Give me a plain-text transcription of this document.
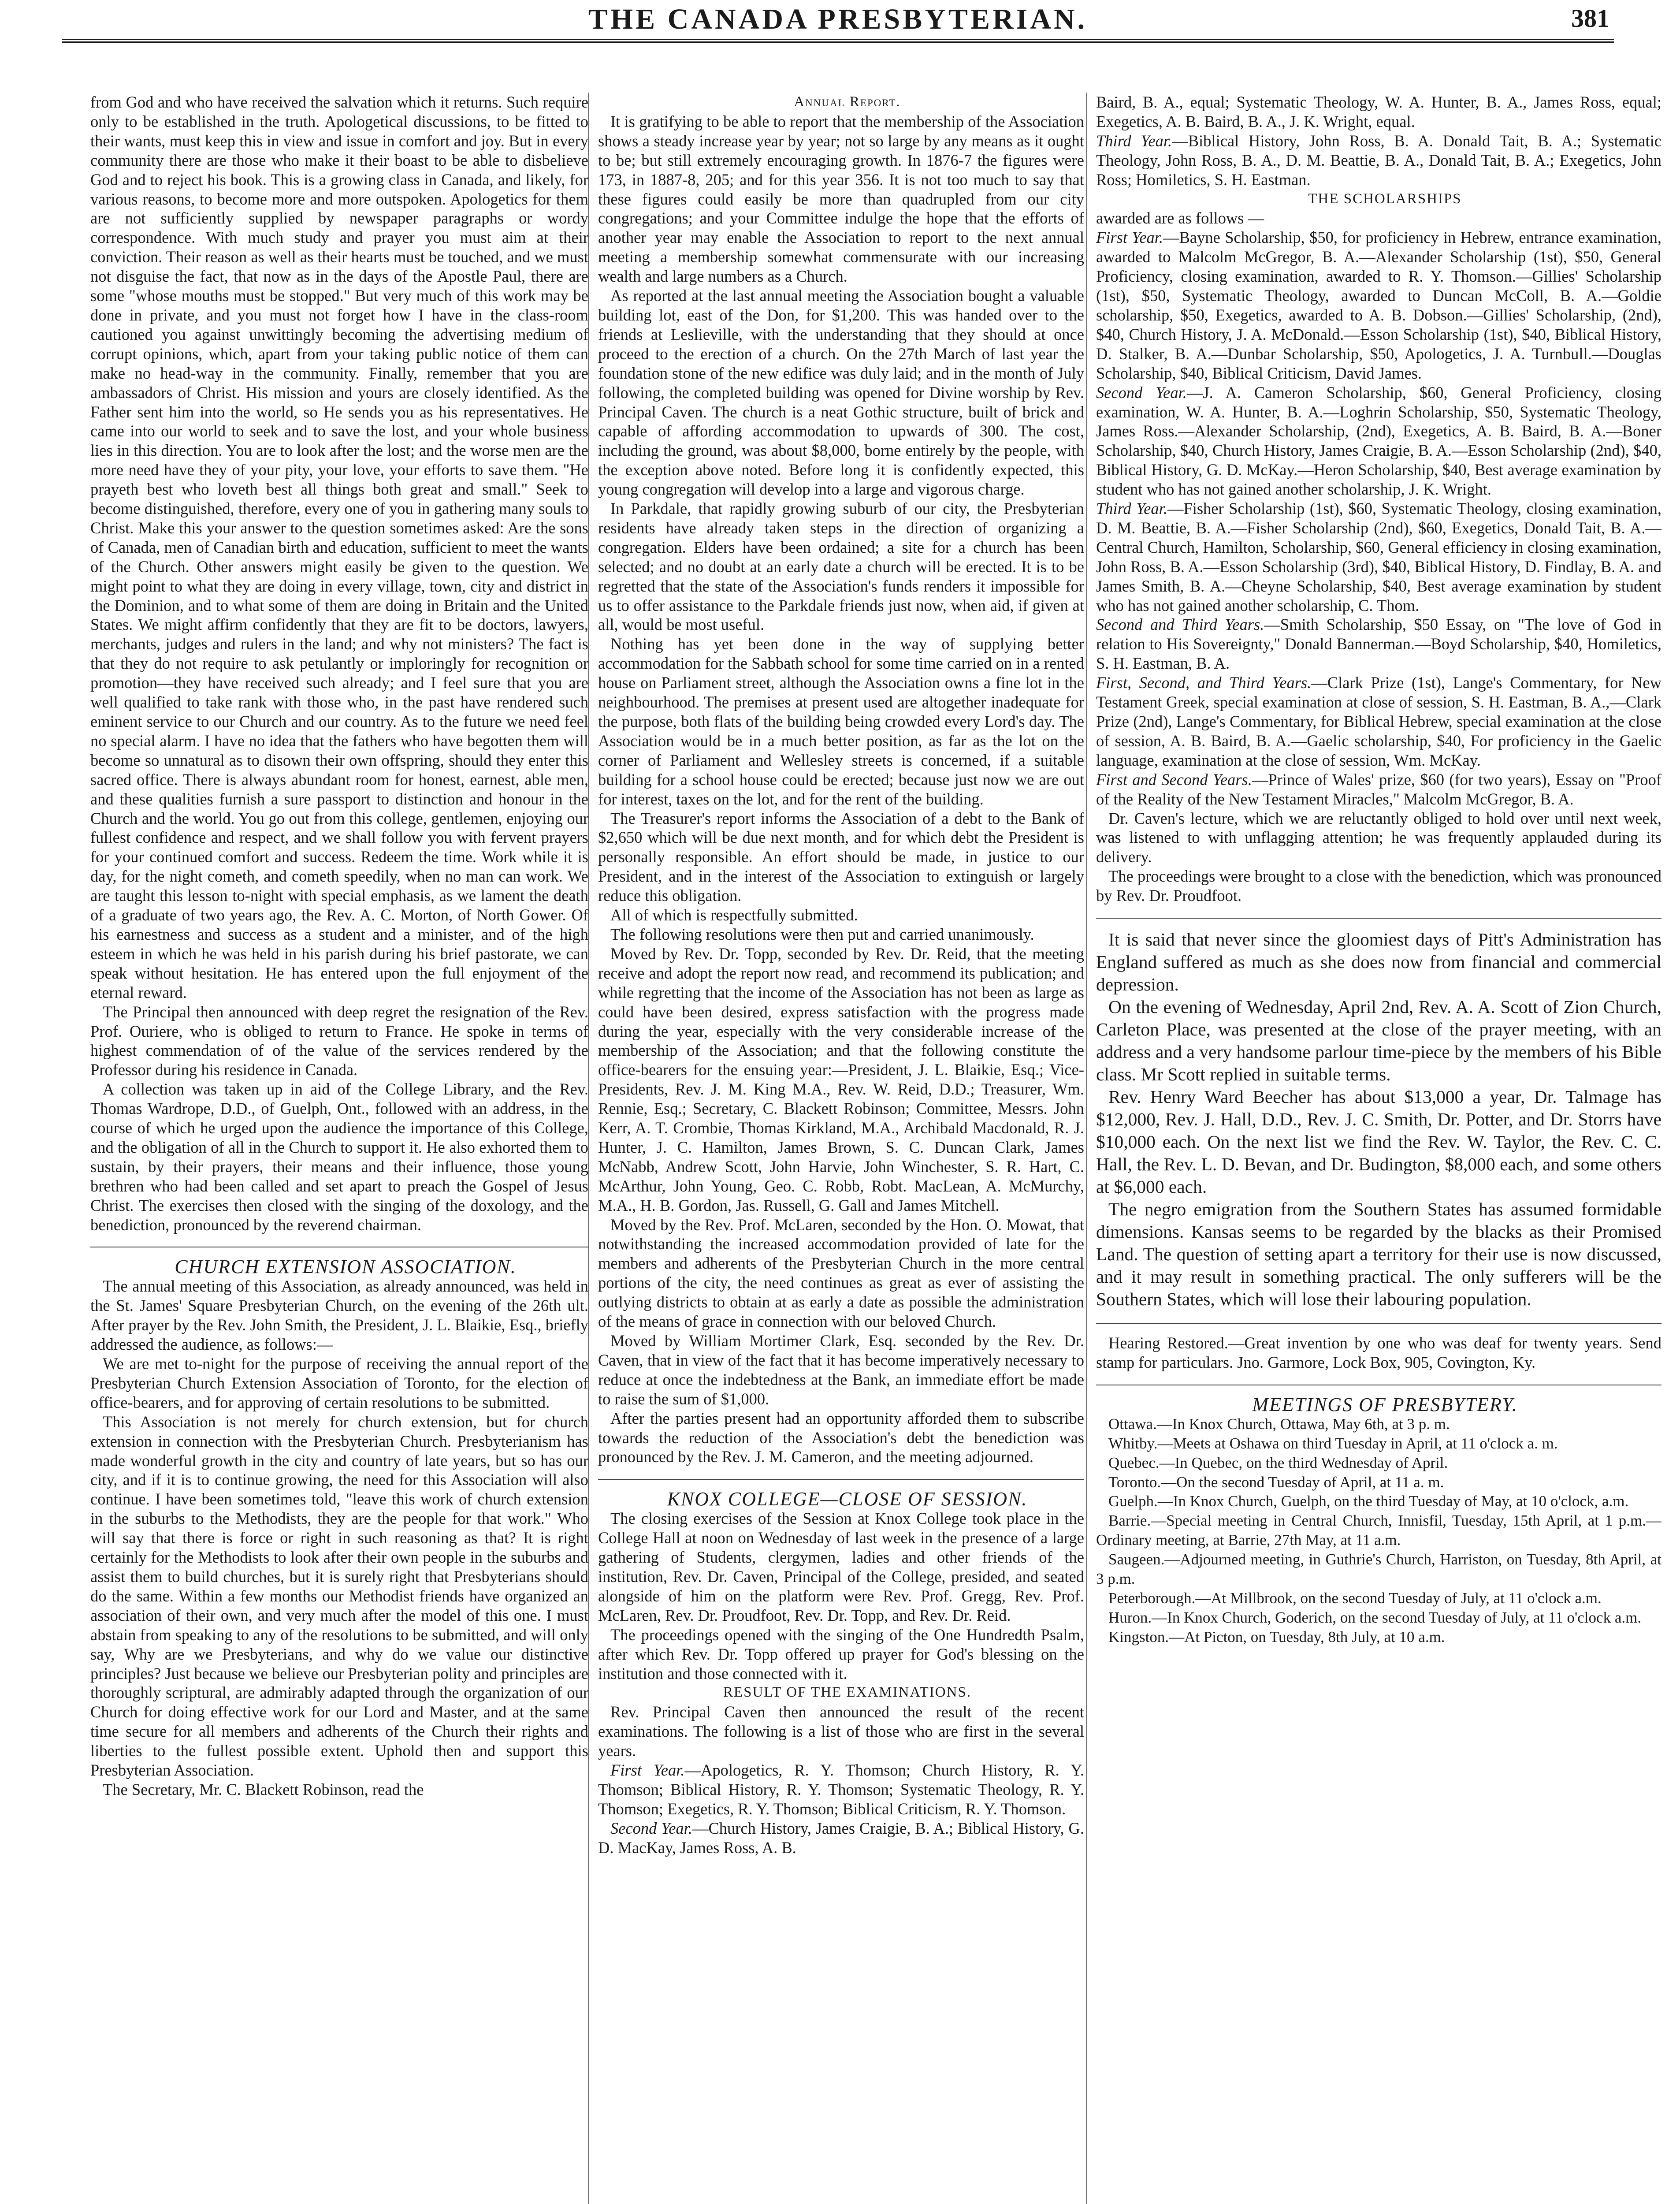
THE CANADA PRESBYTERIAN.	381

from God and who have received the salvation which it returns. Such require only to be established in the truth. Apologetical discussions, to be fitted to their wants, must keep this in view and issue in comfort and joy. But in every community there are those who make it their boast to be able to disbelieve God and to reject his book. This is a growing class in Canada, and likely, for various reasons, to become more and more outspoken. Apologetics for them are not sufficiently supplied by newspaper paragraphs or wordy correspondence. With much study and prayer you must aim at their conviction. Their reason as well as their hearts must be touched, and we must not disguise the fact, that now as in the days of the Apostle Paul, there are some "whose mouths must be stopped." But very much of this work may be done in private, and you must not forget how I have in the class-room cautioned you against unwittingly becoming the advertising medium of corrupt opinions, which, apart from your taking public notice of them can make no head-way in the community. Finally, remember that you are ambassadors of Christ. His mission and yours are closely identified. As the Father sent him into the world, so He sends you as his representatives. He came into our world to seek and to save the lost, and your whole business lies in this direction. You are to look after the lost; and the worse men are the more need have they of your pity, your love, your efforts to save them. "He prayeth best who loveth best all things both great and small." Seek to become distinguished, therefore, every one of you in gathering many souls to Christ. Make this your answer to the question sometimes asked: Are the sons of Canada, men of Canadian birth and education, sufficient to meet the wants of the Church. Other answers might easily be given to the question. We might point to what they are doing in every village, town, city and district in the Dominion, and to what some of them are doing in Britain and the United States. We might affirm confidently that they are fit to be doctors, lawyers, merchants, judges and rulers in the land; and why not ministers? The fact is that they do not require to ask petulantly or imploringly for recognition or promotion—they have received such already; and I feel sure that you are well qualified to take rank with those who, in the past have rendered such eminent service to our Church and our country. As to the future we need feel no special alarm. I have no idea that the fathers who have begotten them will become so unnatural as to disown their own offspring, should they enter this sacred office. There is always abundant room for honest, earnest, able men, and these qualities furnish a sure passport to distinction and honour in the Church and the world. You go out from this college, gentlemen, enjoying our fullest confidence and respect, and we shall follow you with fervent prayers for your continued comfort and success. Redeem the time. Work while it is day, for the night cometh, and cometh speedily, when no man can work. We are taught this lesson to-night with special emphasis, as we lament the death of a graduate of two years ago, the Rev. A. C. Morton, of North Gower. Of his earnestness and success as a student and a minister, and of the high esteem in which he was held in his parish during his brief pastorate, we can speak without hesitation. He has entered upon the full enjoyment of the eternal reward.

The Principal then announced with deep regret the resignation of the Rev. Prof. Ouriere, who is obliged to return to France. He spoke in terms of highest commendation of of the value of the services rendered by the Professor during his residence in Canada.

A collection was taken up in aid of the College Library, and the Rev. Thomas Wardrope, D.D., of Guelph, Ont., followed with an address, in the course of which he urged upon the audience the importance of this College, and the obligation of all in the Church to support it. He also exhorted them to sustain, by their prayers, their means and their influence, those young brethren who had been called and set apart to preach the Gospel of Jesus Christ. The exercises then closed with the singing of the doxology, and the benediction, pronounced by the reverend chairman.

CHURCH EXTENSION ASSOCIATION.

The annual meeting of this Association, as already announced, was held in the St. James' Square Presbyterian Church, on the evening of the 26th ult. After prayer by the Rev. John Smith, the President, J. L. Blaikie, Esq., briefly addressed the audience, as follows:—

We are met to-night for the purpose of receiving the annual report of the Presbyterian Church Extension Association of Toronto, for the election of office-bearers, and for approving of certain resolutions to be submitted.

This Association is not merely for church extension, but for church extension in connection with the Presbyterian Church. Presbyterianism has made wonderful growth in the city and country of late years, but so has our city, and if it is to continue growing, the need for this Association will also continue. I have been sometimes told, "leave this work of church extension in the suburbs to the Methodists, they are the people for that work." Who will say that there is force or right in such reasoning as that? It is right certainly for the Methodists to look after their own people in the suburbs and assist them to build churches, but it is surely right that Presbyterians should do the same. Within a few months our Methodist friends have organized an association of their own, and very much after the model of this one. I must abstain from speaking to any of the resolutions to be submitted, and will only say, Why are we Presbyterians, and why do we value our distinctive principles? Just because we believe our Presbyterian polity and principles are thoroughly scriptural, are admirably adapted through the organization of our Church for doing effective work for our Lord and Master, and at the same time secure for all members and adherents of the Church their rights and liberties to the fullest possible extent. Uphold then and support this Presbyterian Association.

The Secretary, Mr. C. Blackett Robinson, read the

Annual Report.

It is gratifying to be able to report that the membership of the Association shows a steady increase year by year; not so large by any means as it ought to be; but still extremely encouraging growth. In 1876-7 the figures were 173, in 1887-8, 205; and for this year 356. It is not too much to say that these figures could easily be more than quadrupled from our city congregations; and your Committee indulge the hope that the efforts of another year may enable the Association to report to the next annual meeting a membership somewhat commensurate with our increasing wealth and large numbers as a Church.

As reported at the last annual meeting the Association bought a valuable building lot, east of the Don, for $1,200. This was handed over to the friends at Leslieville, with the understanding that they should at once proceed to the erection of a church. On the 27th March of last year the foundation stone of the new edifice was duly laid; and in the month of July following, the completed building was opened for Divine worship by Rev. Principal Caven. The church is a neat Gothic structure, built of brick and capable of affording accommodation to upwards of 300. The cost, including the ground, was about $8,000, borne entirely by the people, with the exception above noted. Before long it is confidently expected, this young congregation will develop into a large and vigorous charge.

In Parkdale, that rapidly growing suburb of our city, the Presbyterian residents have already taken steps in the direction of organizing a congregation. Elders have been ordained; a site for a church has been selected; and no doubt at an early date a church will be erected. It is to be regretted that the state of the Association's funds renders it impossible for us to offer assistance to the Parkdale friends just now, when aid, if given at all, would be most useful.

Nothing has yet been done in the way of supplying better accommodation for the Sabbath school for some time carried on in a rented house on Parliament street, although the Association owns a fine lot in the neighbourhood. The premises at present used are altogether inadequate for the purpose, both flats of the building being crowded every Lord's day. The Association would be in a much better position, as far as the lot on the corner of Parliament and Wellesley streets is concerned, if a suitable building for a school house could be erected; because just now we are out for interest, taxes on the lot, and for the rent of the building.

The Treasurer's report informs the Association of a debt to the Bank of $2,650 which will be due next month, and for which debt the President is personally responsible. An effort should be made, in justice to our President, and in the interest of the Association to extinguish or largely reduce this obligation.

All of which is respectfully submitted.

The following resolutions were then put and carried unanimously.

Moved by Rev. Dr. Topp, seconded by Rev. Dr. Reid, that the meeting receive and adopt the report now read, and recommend its publication; and while regretting that the income of the Association has not been as large as could have been desired, express satisfaction with the progress made during the year, especially with the very considerable increase of the membership of the Association; and that the following constitute the office-bearers for the ensuing year:—President, J. L. Blaikie, Esq.; Vice-Presidents, Rev. J. M. King M.A., Rev. W. Reid, D.D.; Treasurer, Wm. Rennie, Esq.; Secretary, C. Blackett Robinson; Committee, Messrs. John Kerr, A. T. Crombie, Thomas Kirkland, M.A., Archibald Macdonald, R. J. Hunter, J. C. Hamilton, James Brown, S. C. Duncan Clark, James McNabb, Andrew Scott, John Harvie, John Winchester, S. R. Hart, C. McArthur, John Young, Geo. C. Robb, Robt. MacLean, A. McMurchy, M.A., H. B. Gordon, Jas. Russell, G. Gall and James Mitchell.

Moved by the Rev. Prof. McLaren, seconded by the Hon. O. Mowat, that notwithstanding the increased accommodation provided of late for the members and adherents of the Presbyterian Church in the more central portions of the city, the need continues as great as ever of assisting the outlying districts to obtain at as early a date as possible the administration of the means of grace in connection with our beloved Church.

Moved by William Mortimer Clark, Esq. seconded by the Rev. Dr. Caven, that in view of the fact that it has become imperatively necessary to reduce at once the indebtedness at the Bank, an immediate effort be made to raise the sum of $1,000.

After the parties present had an opportunity afforded them to subscribe towards the reduction of the Association's debt the benediction was pronounced by the Rev. J. M. Cameron, and the meeting adjourned.

KNOX COLLEGE—CLOSE OF SESSION.

The closing exercises of the Session at Knox College took place in the College Hall at noon on Wednesday of last week in the presence of a large gathering of Students, clergymen, ladies and other friends of the institution, Rev. Dr. Caven, Principal of the College, presided, and seated alongside of him on the platform were Rev. Prof. Gregg, Rev. Prof. McLaren, Rev. Dr. Proudfoot, Rev. Dr. Topp, and Rev. Dr. Reid.

The proceedings opened with the singing of the One Hundredth Psalm, after which Rev. Dr. Topp offered up prayer for God's blessing on the institution and those connected with it.

RESULT OF THE EXAMINATIONS.

Rev. Principal Caven then announced the result of the recent examinations. The following is a list of those who are first in the several years.

First Year.—Apologetics, R. Y. Thomson; Church History, R. Y. Thomson; Biblical History, R. Y. Thomson; Systematic Theology, R. Y. Thomson; Exegetics, R. Y. Thomson; Biblical Criticism, R. Y. Thomson.

Second Year.—Church History, James Craigie, B. A.; Biblical History, G. D. MacKay, James Ross, A. B.

Baird, B. A., equal; Systematic Theology, W. A. Hunter, B. A., James Ross, equal; Exegetics, A. B. Baird, B. A., J. K. Wright, equal.

Third Year.—Biblical History, John Ross, B. A. Donald Tait, B. A.; Systematic Theology, John Ross, B. A., D. M. Beattie, B. A., Donald Tait, B. A.; Exegetics, John Ross; Homiletics, S. H. Eastman.

THE SCHOLARSHIPS

awarded are as follows —

First Year.—Bayne Scholarship, $50, for proficiency in Hebrew, entrance examination, awarded to Malcolm McGregor, B. A.—Alexander Scholarship (1st), $50, General Proficiency, closing examination, awarded to R. Y. Thomson.—Gillies' Scholarship (1st), $50, Systematic Theology, awarded to Duncan McColl, B. A.—Goldie scholarship, $50, Exegetics, awarded to A. B. Dobson.—Gillies' Scholarship, (2nd), $40, Church History, J. A. McDonald.—Esson Scholarship (1st), $40, Biblical History, D. Stalker, B. A.—Dunbar Scholarship, $50, Apologetics, J. A. Turnbull.—Douglas Scholarship, $40, Biblical Criticism, David James.

Second Year.—J. A. Cameron Scholarship, $60, General Proficiency, closing examination, W. A. Hunter, B. A.—Loghrin Scholarship, $50, Systematic Theology, James Ross.—Alexander Scholarship, (2nd), Exegetics, A. B. Baird, B. A.—Boner Scholarship, $40, Church History, James Craigie, B. A.—Esson Scholarship (2nd), $40, Biblical History, G. D. McKay.—Heron Scholarship, $40, Best average examination by student who has not gained another scholarship, J. K. Wright.

Third Year.—Fisher Scholarship (1st), $60, Systematic Theology, closing examination, D. M. Beattie, B. A.—Fisher Scholarship (2nd), $60, Exegetics, Donald Tait, B. A.—Central Church, Hamilton, Scholarship, $60, General efficiency in closing examination, John Ross, B. A.—Esson Scholarship (3rd), $40, Biblical History, D. Findlay, B. A. and James Smith, B. A.—Cheyne Scholarship, $40, Best average examination by student who has not gained another scholarship, C. Thom.

Second and Third Years.—Smith Scholarship, $50 Essay, on "The love of God in relation to His Sovereignty," Donald Bannerman.—Boyd Scholarship, $40, Homiletics, S. H. Eastman, B. A.

First, Second, and Third Years.—Clark Prize (1st), Lange's Commentary, for New Testament Greek, special examination at close of session, S. H. Eastman, B. A.,—Clark Prize (2nd), Lange's Commentary, for Biblical Hebrew, special examination at the close of session, A. B. Baird, B. A.—Gaelic scholarship, $40, For proficiency in the Gaelic language, examination at the close of session, Wm. McKay.

First and Second Years.—Prince of Wales' prize, $60 (for two years), Essay on "Proof of the Reality of the New Testament Miracles," Malcolm McGregor, B. A.

Dr. Caven's lecture, which we are reluctantly obliged to hold over until next week, was listened to with unflagging attention; he was frequently applauded during its delivery.

The proceedings were brought to a close with the benediction, which was pronounced by Rev. Dr. Proudfoot.

It is said that never since the gloomiest days of Pitt's Administration has England suffered as much as she does now from financial and commercial depression.

On the evening of Wednesday, April 2nd, Rev. A. A. Scott of Zion Church, Carleton Place, was presented at the close of the prayer meeting, with an address and a very handsome parlour time-piece by the members of his Bible class. Mr Scott replied in suitable terms.

Rev. Henry Ward Beecher has about $13,000 a year, Dr. Talmage has $12,000, Rev. J. Hall, D.D., Rev. J. C. Smith, Dr. Potter, and Dr. Storrs have $10,000 each. On the next list we find the Rev. W. Taylor, the Rev. C. C. Hall, the Rev. L. D. Bevan, and Dr. Budington, $8,000 each, and some others at $6,000 each.

The negro emigration from the Southern States has assumed formidable dimensions. Kansas seems to be regarded by the blacks as their Promised Land. The question of setting apart a territory for their use is now discussed, and it may result in something practical. The only sufferers will be the Southern States, which will lose their labouring population.

Hearing Restored.—Great invention by one who was deaf for twenty years. Send stamp for particulars. Jno. Garmore, Lock Box, 905, Covington, Ky.

MEETINGS OF PRESBYTERY.

Ottawa.—In Knox Church, Ottawa, May 6th, at 3 p. m.

Whitby.—Meets at Oshawa on third Tuesday in April, at 11 o'clock a. m.

Quebec.—In Quebec, on the third Wednesday of April.

Toronto.—On the second Tuesday of April, at 11 a. m.

Guelph.—In Knox Church, Guelph, on the third Tuesday of May, at 10 o'clock, a.m.

Barrie.—Special meeting in Central Church, Innisfil, Tuesday, 15th April, at 1 p.m.—Ordinary meeting, at Barrie, 27th May, at 11 a.m.

Saugeen.—Adjourned meeting, in Guthrie's Church, Harriston, on Tuesday, 8th April, at 3 p.m.

Peterborough.—At Millbrook, on the second Tuesday of July, at 11 o'clock a.m.

Huron.—In Knox Church, Goderich, on the second Tuesday of July, at 11 o'clock a.m.

Kingston.—At Picton, on Tuesday, 8th July, at 10 a.m.
